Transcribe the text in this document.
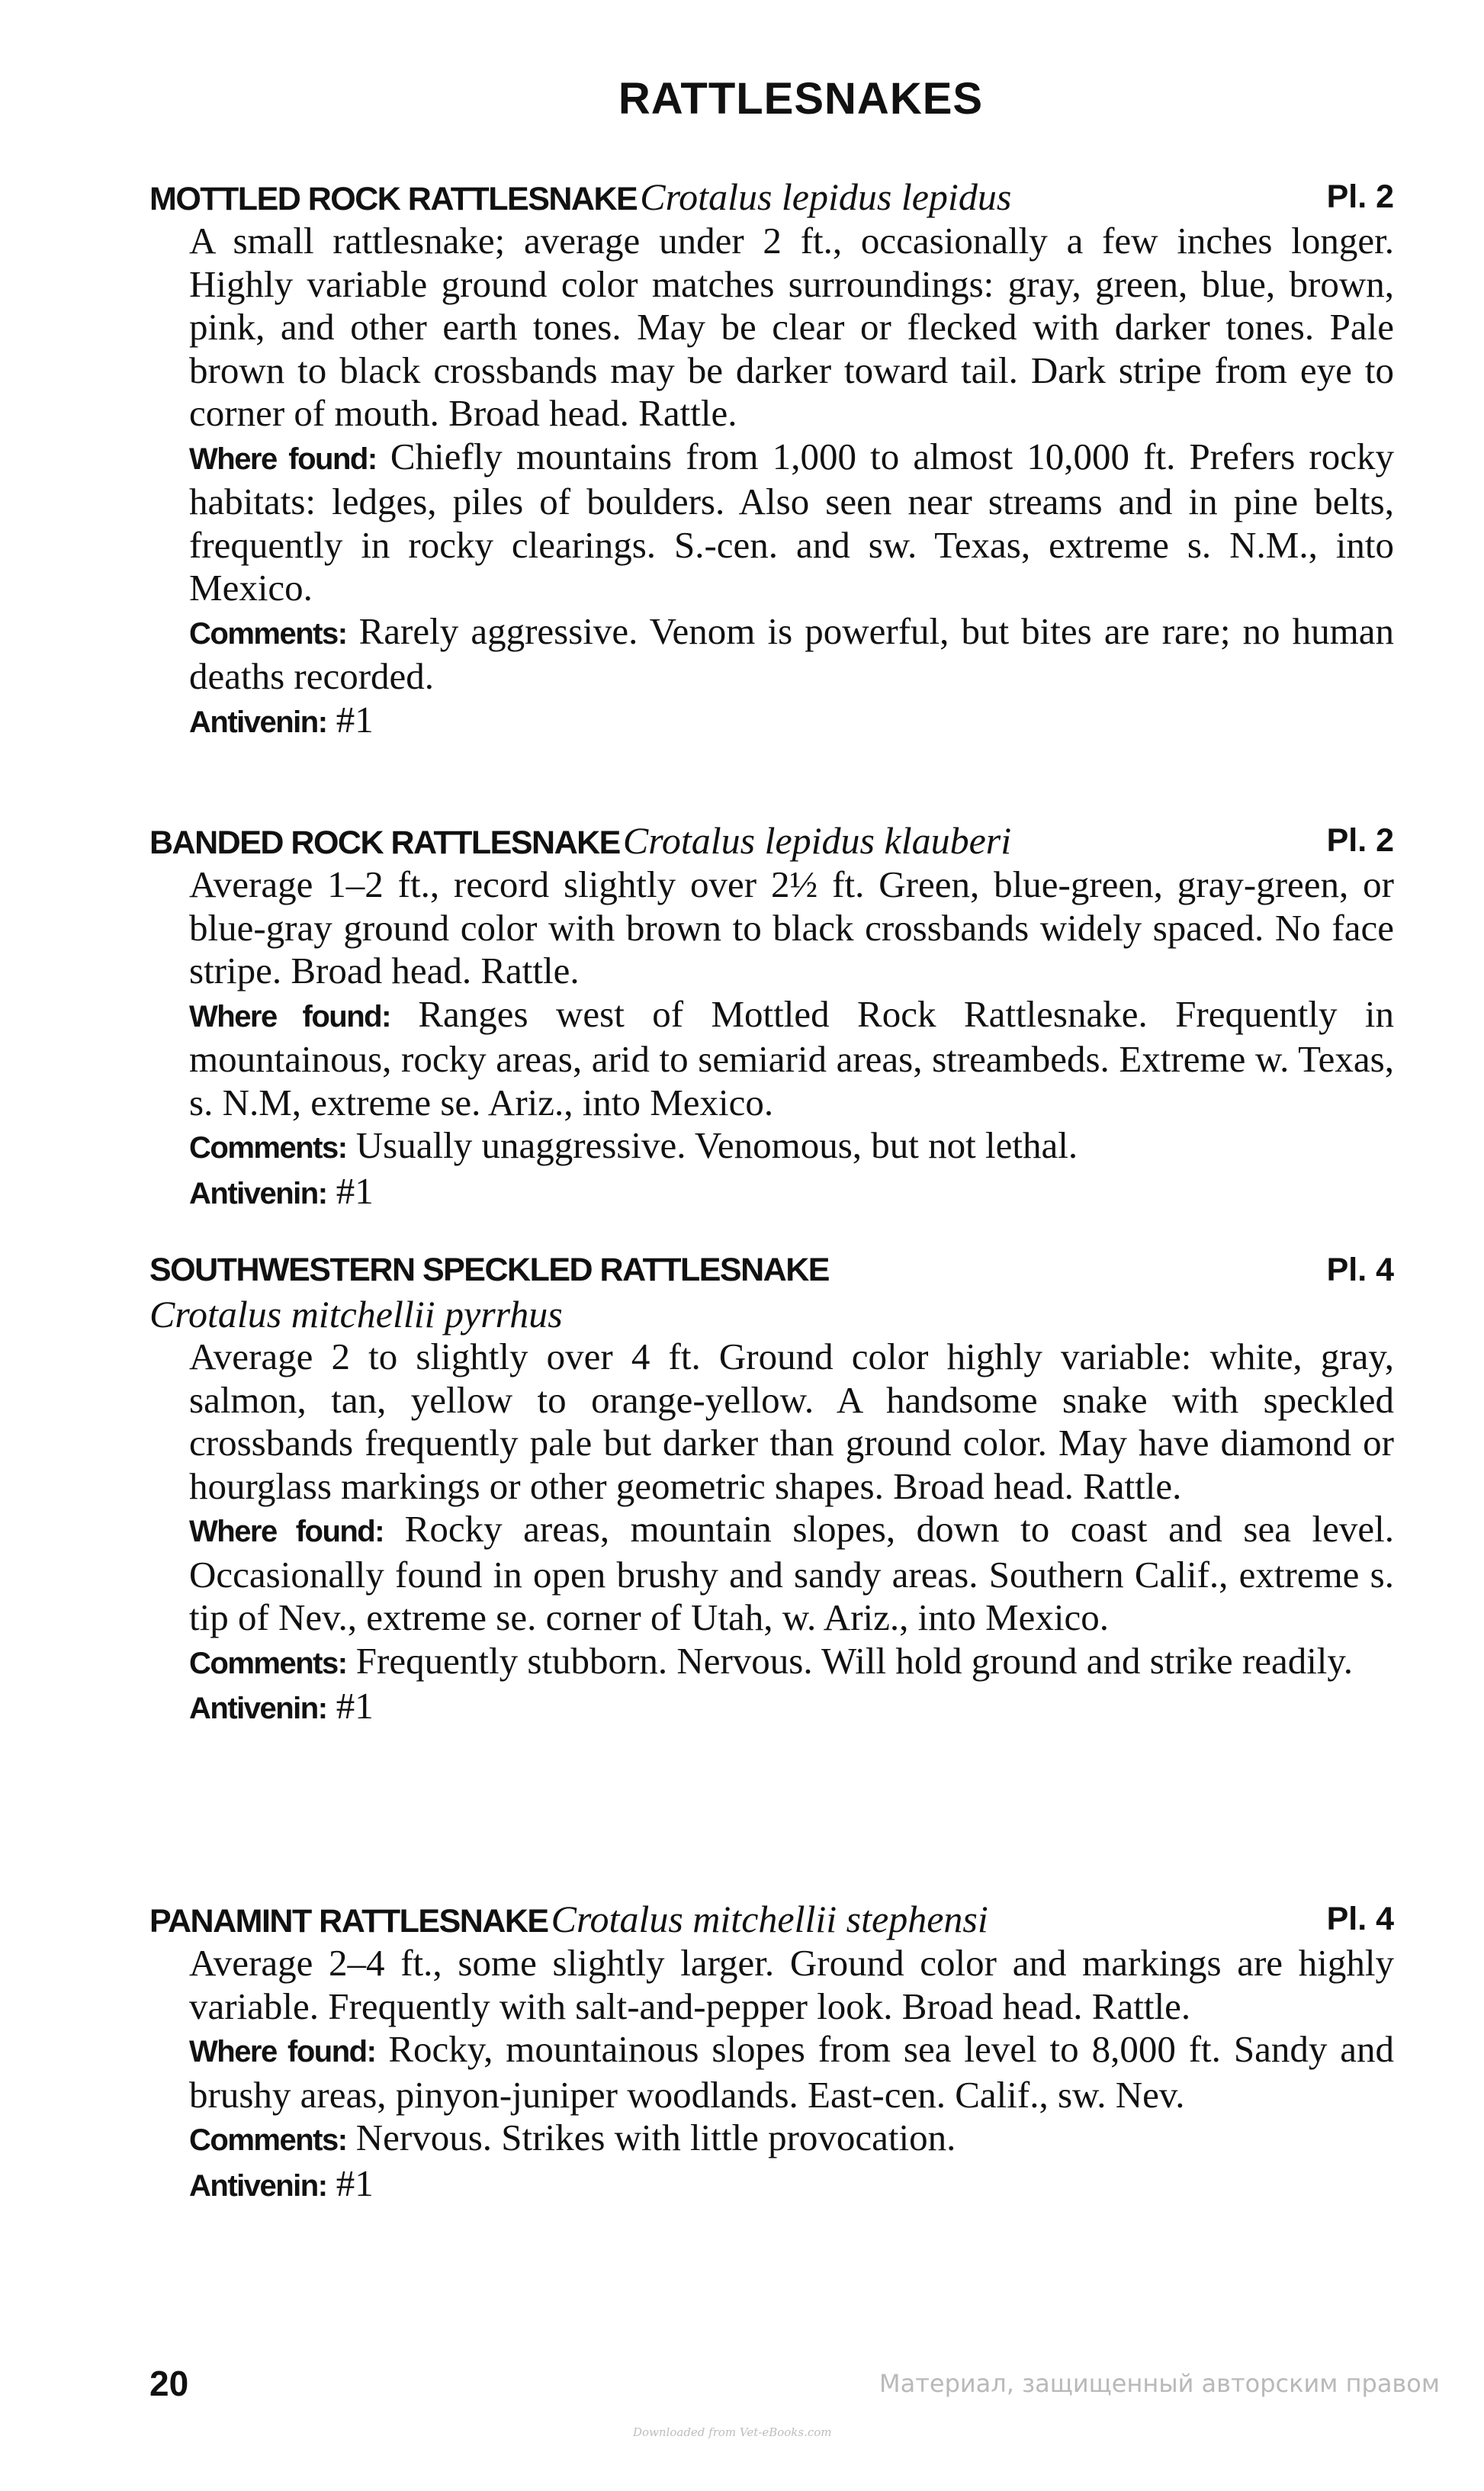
RATTLESNAKES
MOTTLED ROCK RATTLESNAKE Crotalus lepidus lepidus	Pl. 2

A small rattlesnake; average under 2 ft., occasionally a few inches longer. Highly variable ground color matches surroundings: gray, green, blue, brown, pink, and other earth tones. May be clear or flecked with darker tones. Pale brown to black crossbands may be darker toward tail. Dark stripe from eye to corner of mouth. Broad head. Rattle.

Where found: Chiefly mountains from 1,000 to almost 10,000 ft. Prefers rocky habitats: ledges, piles of boulders. Also seen near streams and in pine belts, frequently in rocky clearings. S.-cen. and sw. Texas, extreme s. N.M., into Mexico.

Comments: Rarely aggressive. Venom is powerful, but bites are rare; no human deaths recorded.

Antivenin: #1

BANDED ROCK RATTLESNAKE Crotalus lepidus klauberi	Pl. 2

Average 1–2 ft., record slightly over 2½ ft. Green, blue-green, gray-green, or blue-gray ground color with brown to black crossbands widely spaced. No face stripe. Broad head. Rattle.

Where found: Ranges west of Mottled Rock Rattlesnake. Frequently in mountainous, rocky areas, arid to semiarid areas, streambeds. Extreme w. Texas, s. N.M, extreme se. Ariz., into Mexico.

Comments: Usually unaggressive. Venomous, but not lethal.

Antivenin: #1

SOUTHWESTERN SPECKLED RATTLESNAKE	Pl. 4
Crotalus mitchellii pyrrhus

Average 2 to slightly over 4 ft. Ground color highly variable: white, gray, salmon, tan, yellow to orange-yellow. A handsome snake with speckled crossbands frequently pale but darker than ground color. May have diamond or hourglass markings or other geometric shapes. Broad head. Rattle.

Where found: Rocky areas, mountain slopes, down to coast and sea level. Occasionally found in open brushy and sandy areas. Southern Calif., extreme s. tip of Nev., extreme se. corner of Utah, w. Ariz., into Mexico.

Comments: Frequently stubborn. Nervous. Will hold ground and strike readily.

Antivenin: #1

PANAMINT RATTLESNAKE Crotalus mitchellii stephensi	Pl. 4

Average 2–4 ft., some slightly larger. Ground color and markings are highly variable. Frequently with salt-and-pepper look. Broad head. Rattle.

Where found: Rocky, mountainous slopes from sea level to 8,000 ft. Sandy and brushy areas, pinyon-juniper woodlands. East-cen. Calif., sw. Nev.

Comments: Nervous. Strikes with little provocation.

Antivenin: #1

20
Downloaded from Vet-eBooks.com
Материал, защищенный авторским правом
